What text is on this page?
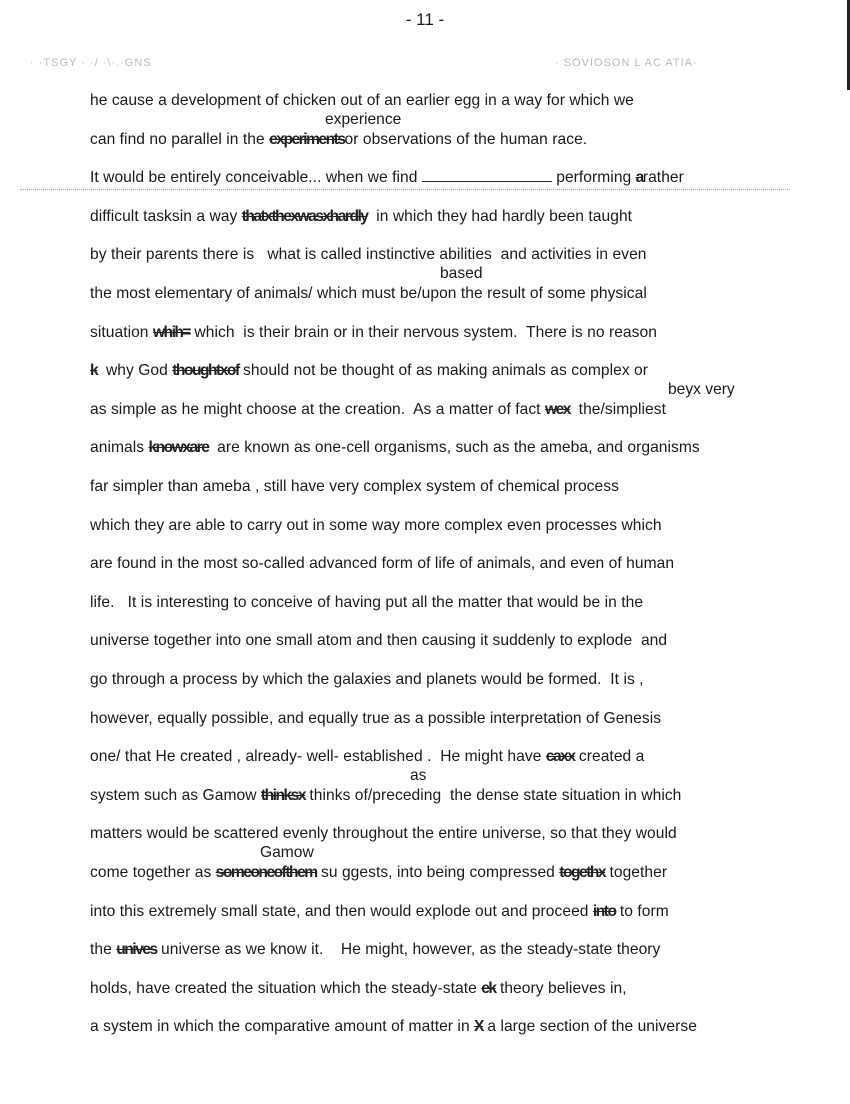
- 11 -
· ·TSGY · ·/ ·\·.·GNS	· SOVIOSON L AC ATIA·
he cause a development of chicken out of an earlier egg in a way for which we
can find no parallel in the experimentsor observations of the human race.
It would be entirely conceivable... when we find	performing arather
difficult tasksin a way thatxthexwasxhardly  in which they had hardly been taught
by their parents there is   what is called instinctive abilities  and activities in even
the most elementary of animals/ which must be/upon the result of some physical
situation whih= which  is their brain or in their nervous system.  There is no reason
k  why God thoughtxof should not be thought of as making animals as complex or
as simple as he might choose at the creation.  As a matter of fact wex  the/simpliest
animals knowxare  are known as one-cell organisms, such as the ameba, and organisms
far simpler than ameba , still have very complex system of chemical process
which they are able to carry out in some way more complex even processes which
are found in the most so-called advanced form of life of animals, and even of human
life.   It is interesting to conceive of having put all the matter that would be in the
universe together into one small atom and then causing it suddenly to explode  and
go through a process by which the galaxies and planets would be formed.  It is ,
however, equally possible, and equally true as a possible interpretation of Genesis
one/ that He created , already- well- established .  He might have caxx created a
system such as Gamow thinksx thinks of/preceding  the dense state situation in which
matters would be scattered evenly throughout the entire universe, so that they would
come together as someoneofthem su ggests, into being compressed togethx together
into this extremely small state, and then would explode out and proceed into to form
the unives universe as we know it.    He might, however, as the steady-state theory
holds, have created the situation which the steady-state ek theory believes in,
a system in which the comparative amount of matter in X a large section of the universe
experience
based
beyx very
as
Gamow
